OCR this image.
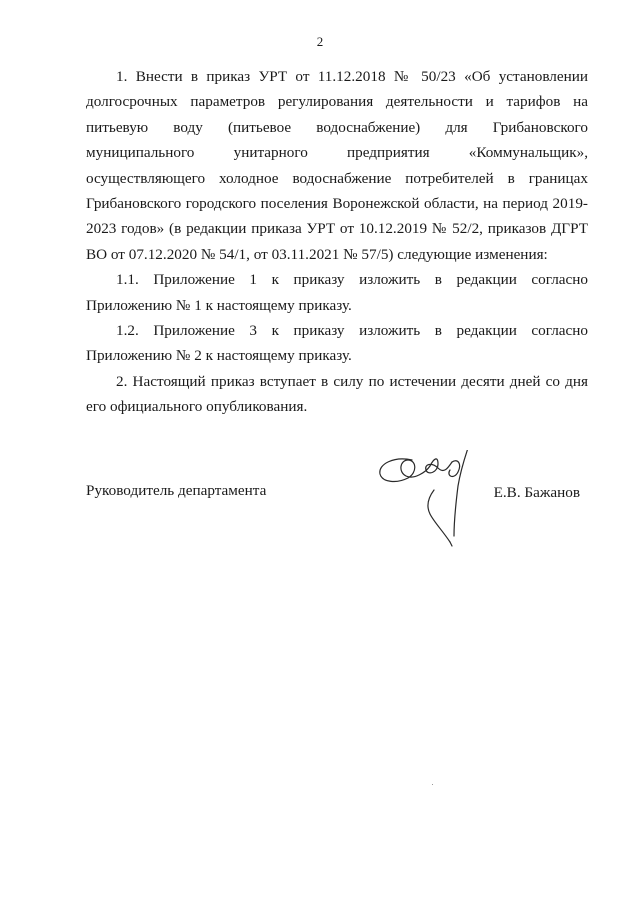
2

1. Внести в приказ УРТ от 11.12.2018 № 50/23 «Об установлении долгосрочных параметров регулирования деятельности и тарифов на питьевую воду (питьевое водоснабжение) для Грибановского муниципального унитарного предприятия «Коммунальщик», осуществляющего холодное водоснабжение потребителей в границах Грибановского городского поселения Воронежской области, на период 2019-2023 годов» (в редакции приказа УРТ от 10.12.2019 № 52/2, приказов ДГРТ ВО от 07.12.2020 № 54/1, от 03.11.2021 № 57/5) следующие изменения:

1.1. Приложение 1 к приказу изложить в редакции согласно Приложению № 1 к настоящему приказу.

1.2. Приложение 3 к приказу изложить в редакции согласно Приложению № 2 к настоящему приказу.

2. Настоящий приказ вступает в силу по истечении десяти дней со дня его официального опубликования.

Руководитель департамента	Е.В. Бажанов
